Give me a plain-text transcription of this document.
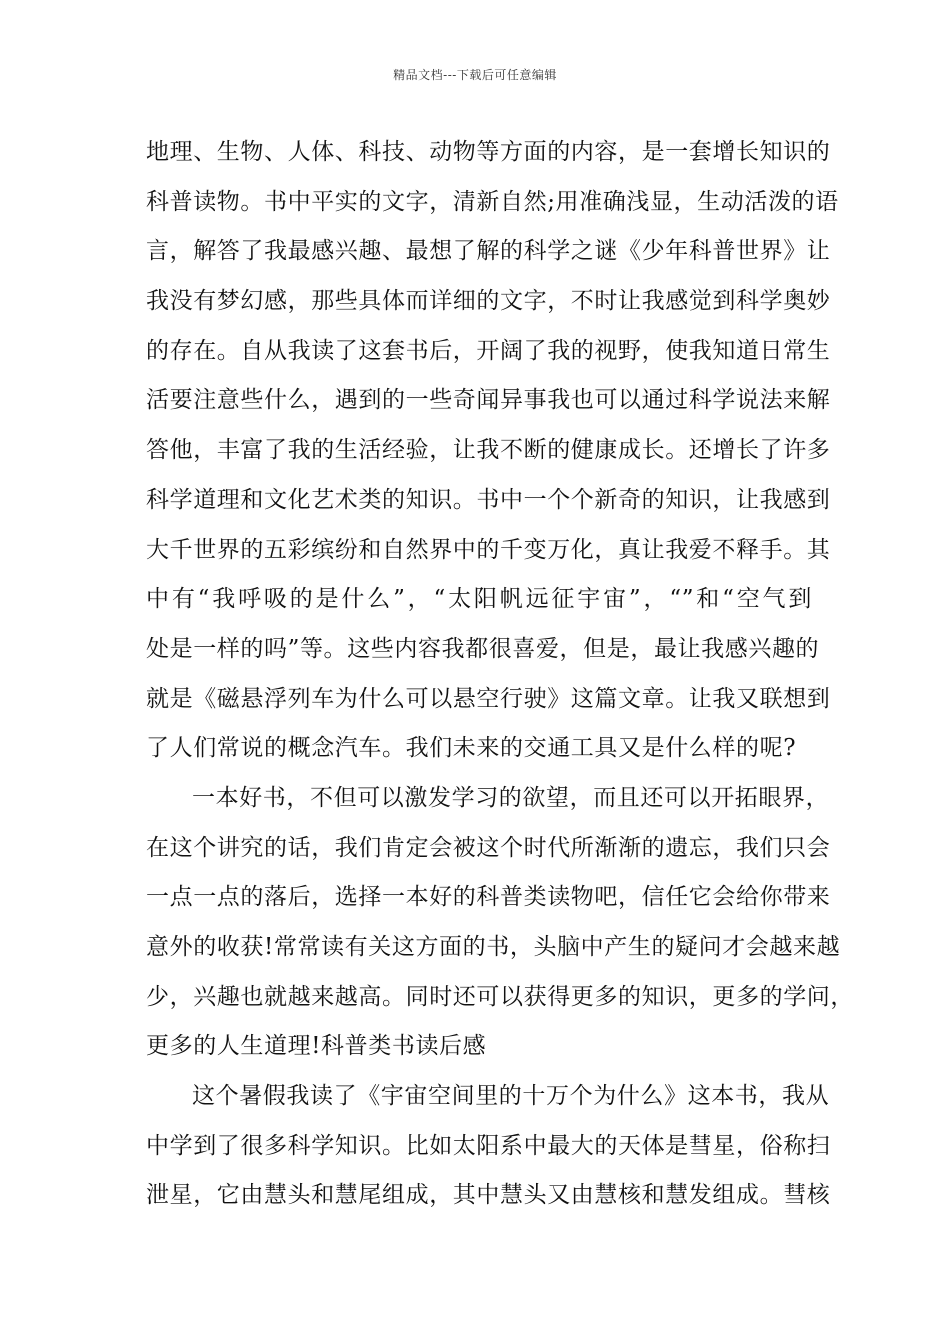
精品文档---下载后可任意编辑
地理、生物、人体、科技、动物等方面的内容，是一套增长知识的
科普读物。书中平实的文字，清新自然;用准确浅显，生动活泼的语
言，解答了我最感兴趣、最想了解的科学之谜《少年科普世界》让
我没有梦幻感，那些具体而详细的文字，不时让我感觉到科学奥妙
的存在。自从我读了这套书后，开阔了我的视野，使我知道日常生
活要注意些什么，遇到的一些奇闻异事我也可以通过科学说法来解
答他，丰富了我的生活经验，让我不断的健康成长。还增长了许多
科学道理和文化艺术类的知识。书中一个个新奇的知识，让我感到
大千世界的五彩缤纷和自然界中的千变万化，真让我爱不释手。其
中有“我呼吸的是什么”，“太阳帆远征宇宙”，“”和“空气到
处是一样的吗”等。这些内容我都很喜爱，但是，最让我感兴趣的
就是《磁悬浮列车为什么可以悬空行驶》这篇文章。让我又联想到
了人们常说的概念汽车。我们未来的交通工具又是什么样的呢?
一本好书，不但可以激发学习的欲望，而且还可以开拓眼界，
在这个讲究的话，我们肯定会被这个时代所渐渐的遗忘，我们只会
一点一点的落后，选择一本好的科普类读物吧，信任它会给你带来
意外的收获!常常读有关这方面的书，头脑中产生的疑问才会越来越
少，兴趣也就越来越高。同时还可以获得更多的知识，更多的学问，
更多的人生道理!科普类书读后感
这个暑假我读了《宇宙空间里的十万个为什么》这本书，我从
中学到了很多科学知识。比如太阳系中最大的天体是彗星，俗称扫
泄星，它由慧头和慧尾组成，其中慧头又由慧核和慧发组成。彗核
